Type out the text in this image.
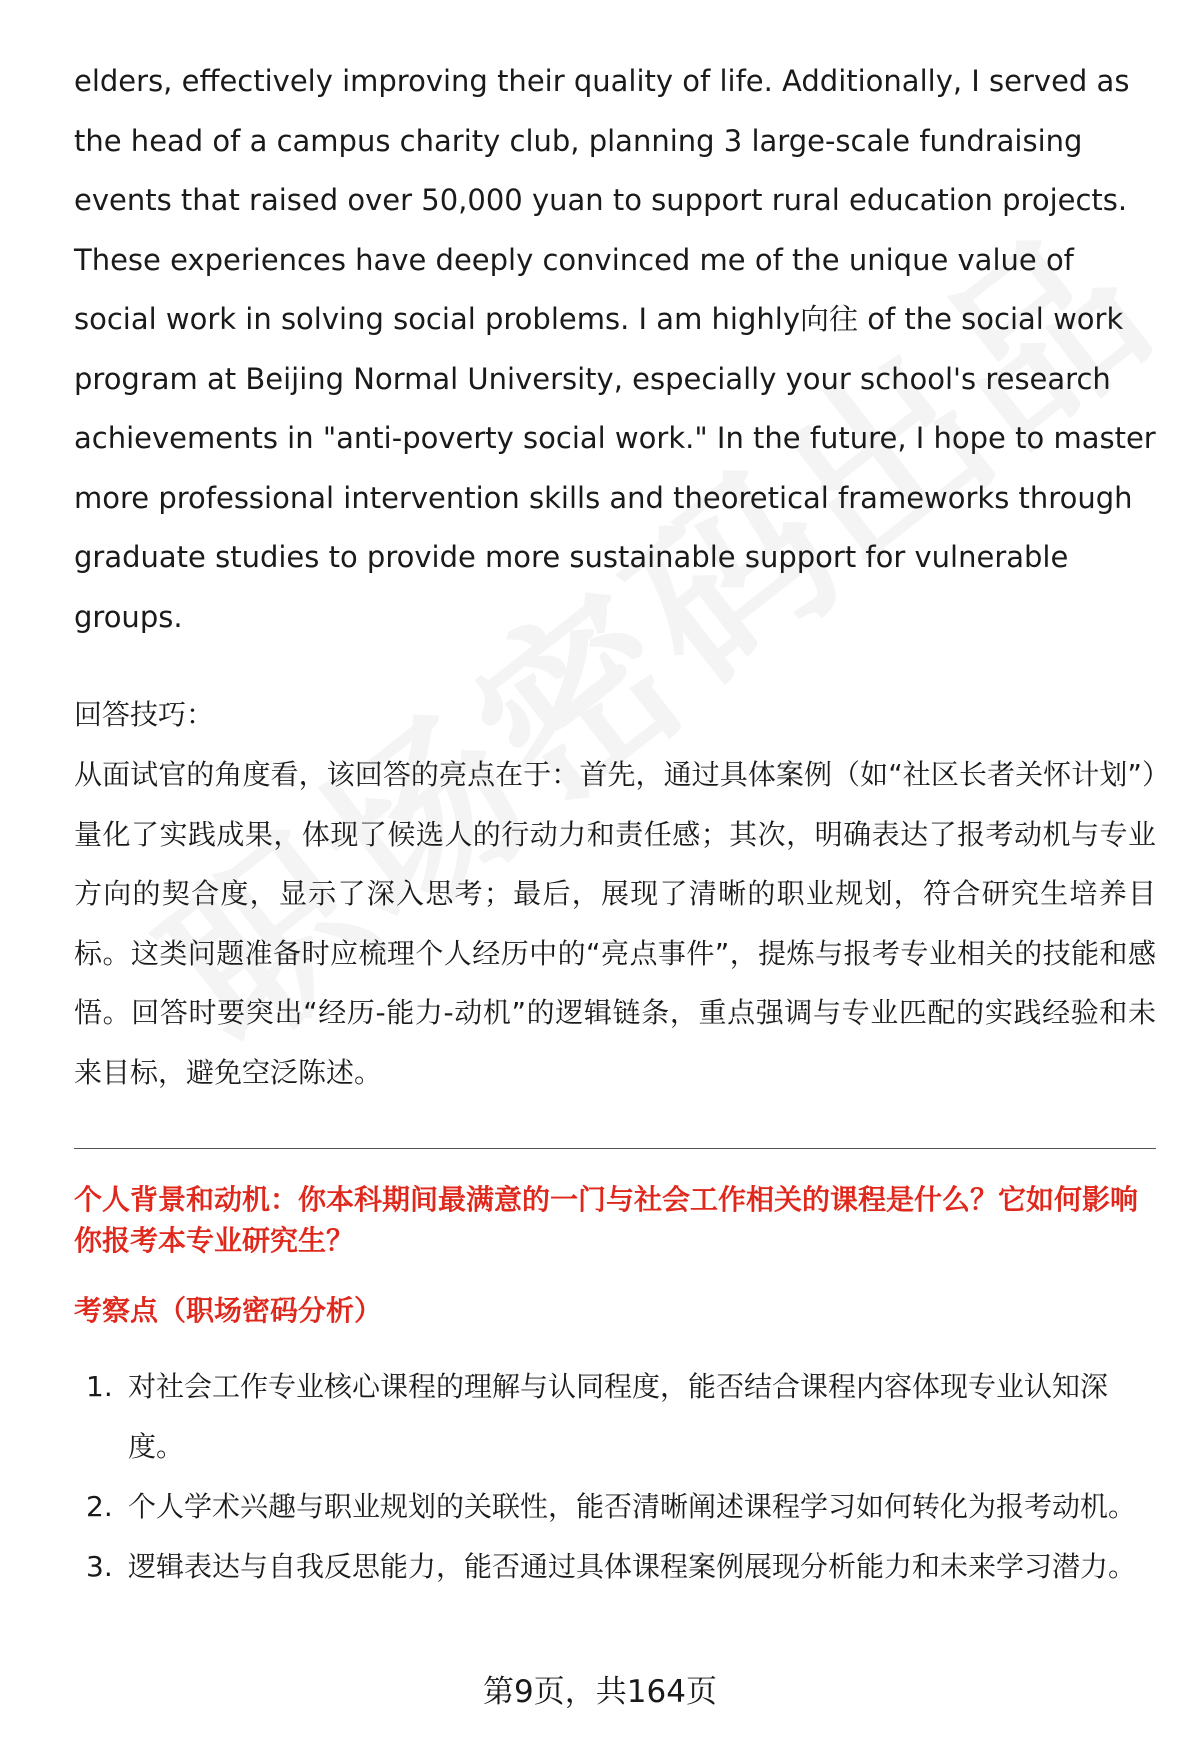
elders, effectively improving their quality of life. Additionally, I served as the head of a campus charity club, planning 3 large-scale fundraising events that raised over 50,000 yuan to support rural education projects. These experiences have deeply convinced me of the unique value of social work in solving social problems. I am highly向往 of the social work program at Beijing Normal University, especially your school's research achievements in "anti-poverty social work." In the future, I hope to master more professional intervention skills and theoretical frameworks through graduate studies to provide more sustainable support for vulnerable groups.

回答技巧：

从面试官的角度看，该回答的亮点在于：首先，通过具体案例（如“社区长者关怀计划”）量化了实践成果，体现了候选人的行动力和责任感；其次，明确表达了报考动机与专业方向的契合度，显示了深入思考；最后，展现了清晰的职业规划，符合研究生培养目标。这类问题准备时应梳理个人经历中的“亮点事件”，提炼与报考专业相关的技能和感悟。回答时要突出“经历-能力-动机”的逻辑链条，重点强调与专业匹配的实践经验和未来目标，避免空泛陈述。

个人背景和动机：你本科期间最满意的一门与社会工作相关的课程是什么？它如何影响你报考本专业研究生？
考察点（职场密码分析）
1. 对社会工作专业核心课程的理解与认同程度，能否结合课程内容体现专业认知深度。
2. 个人学术兴趣与职业规划的关联性，能否清晰阐述课程学习如何转化为报考动机。
3. 逻辑表达与自我反思能力，能否通过具体课程案例展现分析能力和未来学习潜力。
第9页，共164页
